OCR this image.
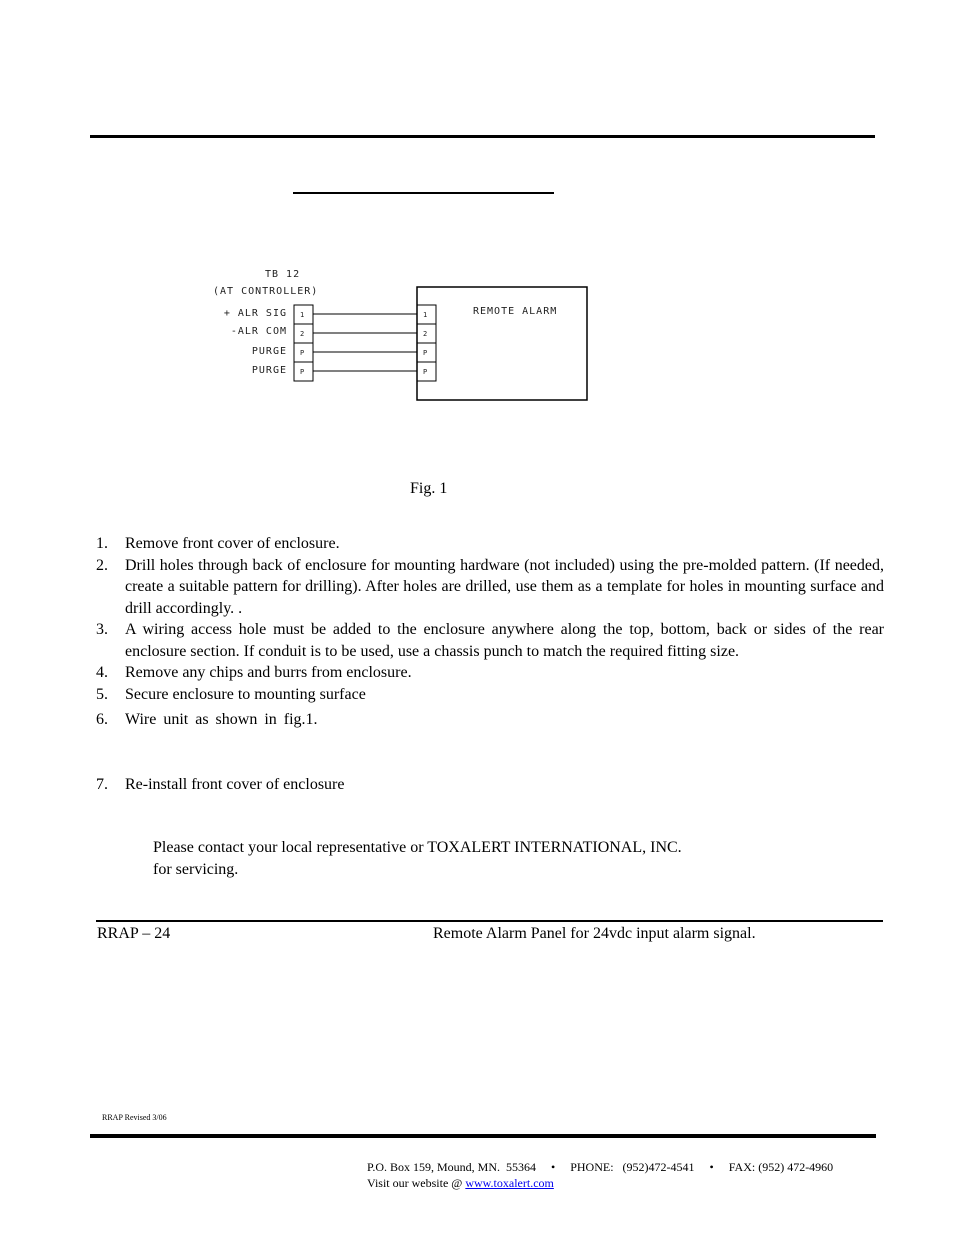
TB 12
(AT CONTROLLER)
+ ALR SIG
-ALR COM
PURGE
PURGE
1
2
P
P
1
2
P
P
REMOTE ALARM
Fig. 1
1. Remove front cover of enclosure.
2. Drill holes through back of enclosure for mounting hardware (not included) using the pre-molded pattern. (If needed, create a suitable pattern for drilling). After holes are drilled, use them as a template for holes in mounting surface and drill accordingly. .
3. A wiring access hole must be added to the enclosure anywhere along the top, bottom, back or sides of the rear enclosure section. If conduit is to be used, use a chassis punch to match the required fitting size.
4. Remove any chips and burrs from enclosure.
5. Secure enclosure to mounting surface
6. Wire unit as shown in fig.1.
7. Re-install front cover of enclosure
Please contact your local representative or TOXALERT INTERNATIONAL, INC.
for servicing.
RRAP – 24	Remote Alarm Panel for 24vdc input alarm signal.
RRAP Revised 3/06
P.O. Box 159, Mound, MN.  55364     •     PHONE:   (952)472-4541     •     FAX: (952) 472-4960
Visit our website @ www.toxalert.com
